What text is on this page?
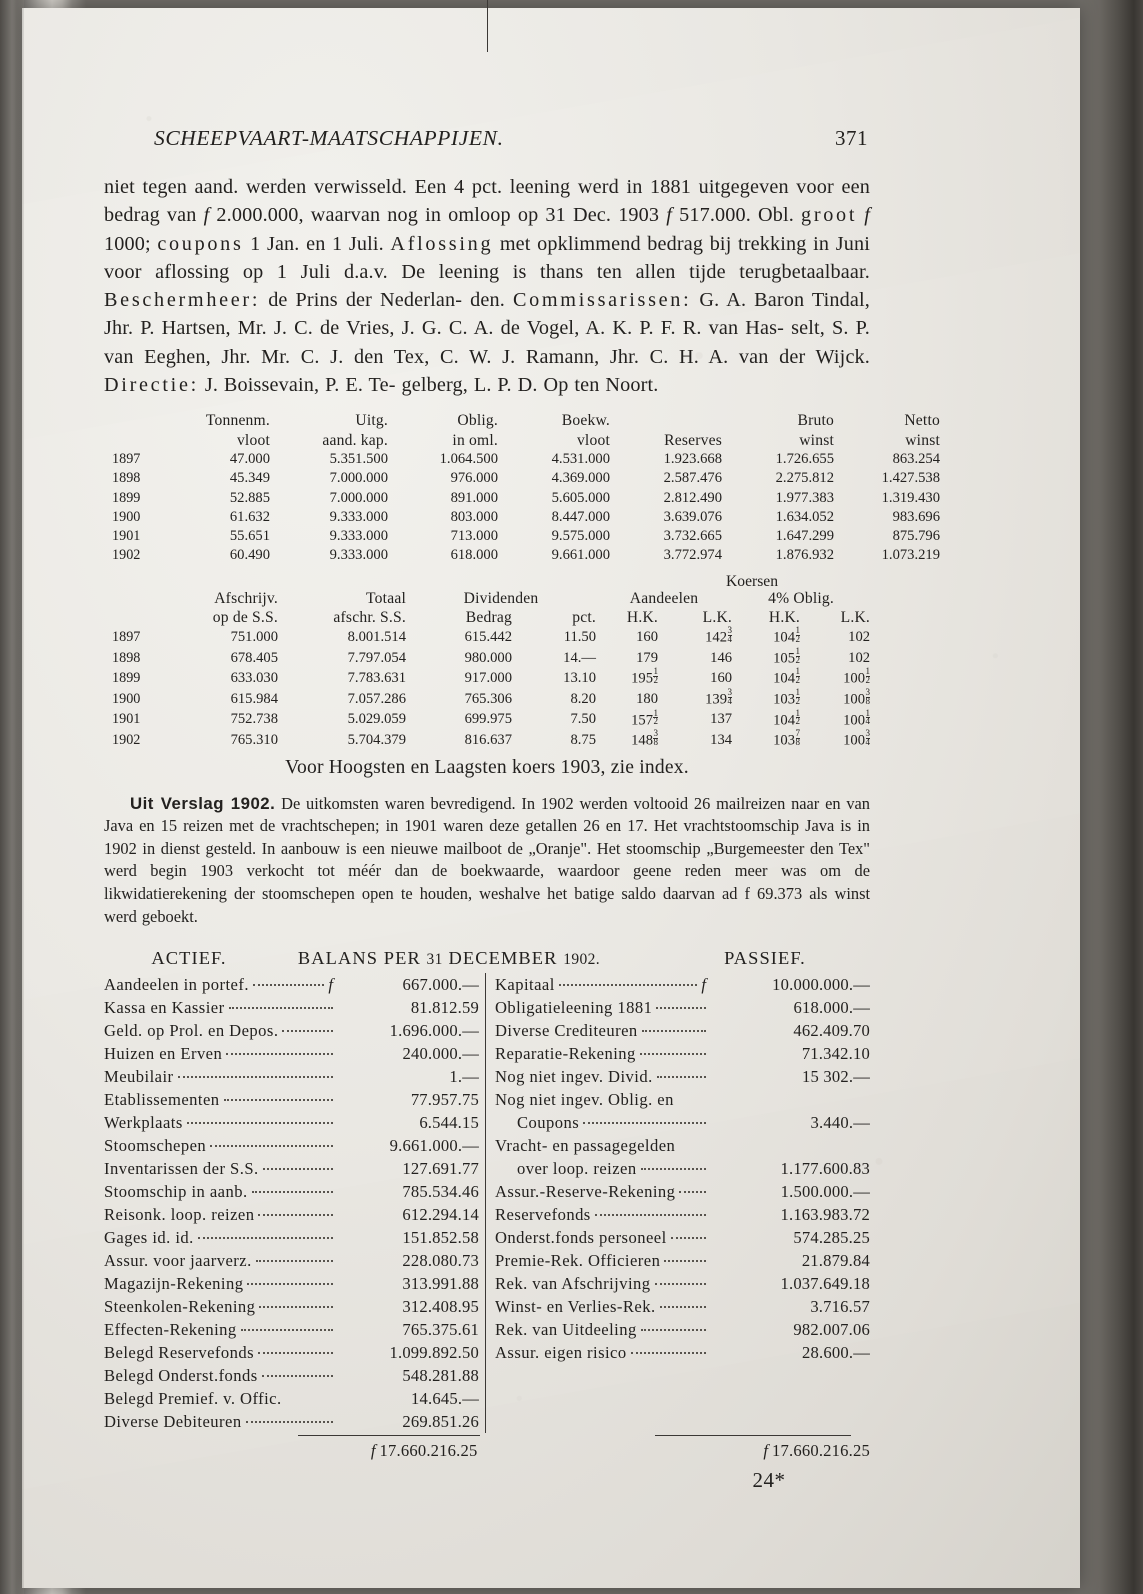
SCHEEPVAART-MAATSCHAPPIJEN.	371
niet tegen aand. werden verwisseld. Een 4 pct. leening werd in 1881 uitgegeven voor een bedrag van f 2.000.000, waarvan nog in omloop op 31 Dec. 1903 f 517.000. Obl. groot f 1000; coupons 1 Jan. en 1 Juli. Aflossing met opklimmend bedrag bij trekking in Juni voor aflossing op 1 Juli d.a.v. De leening is thans ten allen tijde terugbetaalbaar. Beschermheer: de Prins der Nederlan- den. Commissarissen: G. A. Baron Tindal, Jhr. P. Hartsen, Mr. J. C. de Vries, J. G. C. A. de Vogel, A. K. P. F. R. van Has- selt, S. P. van Eeghen, Jhr. Mr. C. J. den Tex, C. W. J. Ramann, Jhr. C. H. A. van der Wijck. Directie: J. Boissevain, P. E. Te- gelberg, L. P. D. Op ten Noort.
	Tonnenm.	Uitg.	Oblig.	Boekw.		Bruto	Netto
	vloot	aand. kap.	in oml.	vloot	Reserves	winst	winst
1897	47.000	5.351.500	1.064.500	4.531.000	1.923.668	1.726.655	863.254
1898	45.349	7.000.000	976.000	4.369.000	2.587.476	2.275.812	1.427.538
1899	52.885	7.000.000	891.000	5.605.000	2.812.490	1.977.383	1.319.430
1900	61.632	9.333.000	803.000	8.447.000	3.639.076	1.634.052	983.696
1901	55.651	9.333.000	713.000	9.575.000	3.732.665	1.647.299	875.796
1902	60.490	9.333.000	618.000	9.661.000	3.772.974	1.876.932	1.073.219
Koersen
	Afschrijv.	Totaal	Dividenden		Aandeelen		4% Oblig.	
	op de S.S.	afschr. S.S.	Bedrag	pct.	H.K.	L.K.	H.K.	L.K.
1897	751.000	8.001.514	615.442	11.50	160	$142 \frac{3}{4}$	$104 \frac{1}{2}$	102
1898	678.405	7.797.054	980.000	14.—	179	146	$105 \frac{1}{2}$	102
1899	633.030	7.783.631	917.000	13.10	$195 \frac{1}{2}$	160	$104 \frac{1}{2}$	$100 \frac{1}{2}$

1900	615.984	7.057.286	765.306	8.20	180	$139 \frac{3}{4}$	$103 \frac{1}{2}$	$100 \frac{3}{8}$

1901	752.738	5.029.059	699.975	7.50	$157 \frac{1}{2}$	137	$104 \frac{1}{2}$	$100 \frac{1}{4}$

1902	765.310	5.704.379	816.637	8.75	$148 \frac{3}{8}$	134	$103 \frac{7}{8}$	$100 \frac{3}{4}$
Voor Hoogsten en Laagsten koers 1903, zie index.

Uit Verslag 1902. De uitkomsten waren bevredigend. In 1902 werden voltooid 26 mailreizen naar en van Java en 15 reizen met de vrachtschepen; in 1901 waren deze getallen 26 en 17. Het vrachtstoomschip Java is in 1902 in dienst gesteld. In aanbouw is een nieuwe mailboot de „Oranje". Het stoomschip „Burgemeester den Tex" werd begin 1903 verkocht tot méér dan de boekwaarde, waardoor geene reden meer was om de likwidatierekening der stoomschepen open te houden, weshalve het batige saldo daarvan ad f 69.373 als winst werd geboekt.

ACTIEF.	BALANS PER 31 DECEMBER 1902.	PASSIEF.
Aandeelen in portef.	f	667.000.—
Kassa en Kassier	81.812.59
Geld. op Prol. en Depos.	1.696.000.—
Huizen en Erven	240.000.—
Meubilair	1.—
Etablissementen	77.957.75
Werkplaats	6.544.15
Stoomschepen	9.661.000.—
Inventarissen der S.S.	127.691.77
Stoomschip in aanb.	785.534.46
Reisonk. loop. reizen	612.294.14
Gages id. id.	151.852.58
Assur. voor jaarverz.	228.080.73
Magazijn-Rekening	313.991.88
Steenkolen-Rekening	312.408.95
Effecten-Rekening	765.375.61
Belegd Reservefonds	1.099.892.50
Belegd Onderst.fonds	548.281.88
Belegd Premief. v. Offic.	14.645.—
Diverse Debiteuren	269.851.26
Kapitaal	f	10.000.000.—
Obligatieleening 1881	618.000.—
Diverse Crediteuren	462.409.70
Reparatie-Rekening	71.342.10
Nog niet ingev. Divid.	15 302.—
Nog niet ingev. Oblig. en
Coupons	3.440.—
Vracht- en passagegelden
over loop. reizen	1.177.600.83
Assur.-Reserve-Rekening	1.500.000.—
Reservefonds	1.163.983.72
Onderst.fonds personeel	574.285.25
Premie-Rek. Officieren	21.879.84
Rek. van Afschrijving	1.037.649.18
Winst- en Verlies-Rek.	3.716.57
Rek. van Uitdeeling	982.007.06
Assur. eigen risico	28.600.—
f 17.660.216.25	f 17.660.216.25
24*
